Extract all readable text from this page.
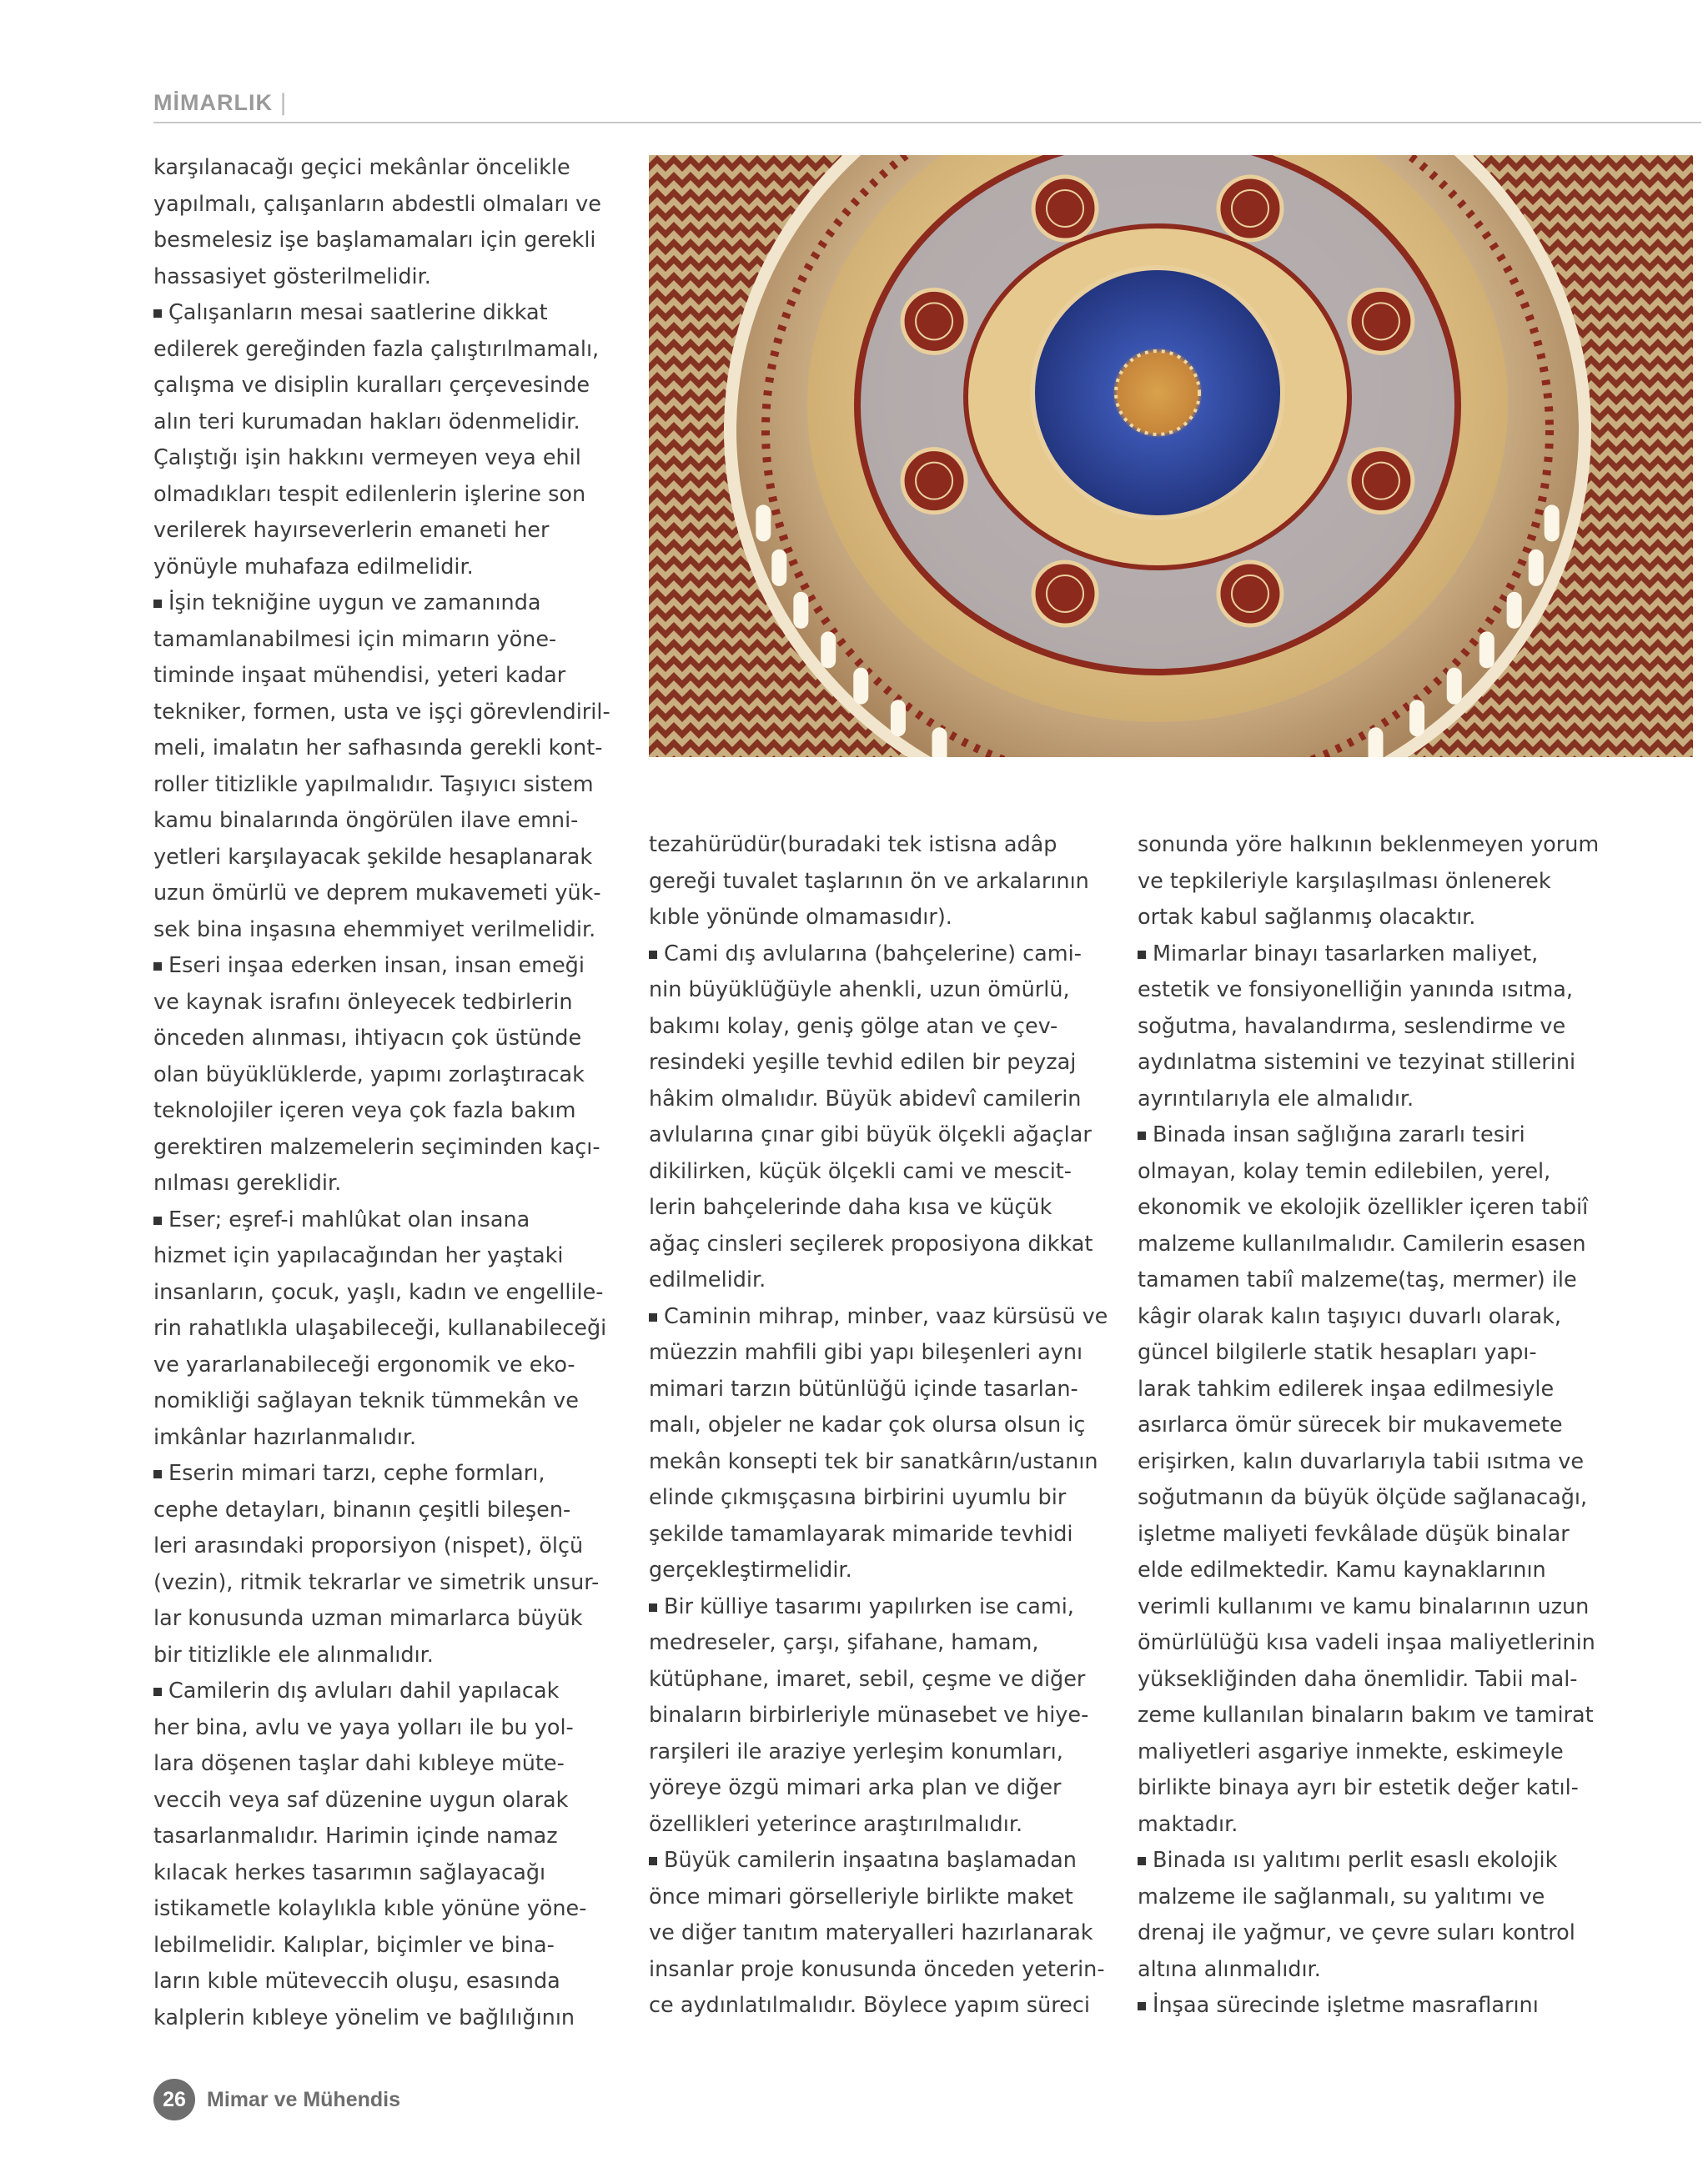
MİMARLIK |
karşılanacağı geçici mekânlar öncelikle
yapılmalı, çalışanların abdestli olmaları ve
besmelesiz işe başlamamaları için gerekli
hassasiyet gösterilmelidir.
Çalışanların mesai saatlerine dikkat
edilerek gereğinden fazla çalıştırılmamalı,
çalışma ve disiplin kuralları çerçevesinde
alın teri kurumadan hakları ödenmelidir.
Çalıştığı işin hakkını vermeyen veya ehil
olmadıkları tespit edilenlerin işlerine son
verilerek hayırseverlerin emaneti her
yönüyle muhafaza edilmelidir.
İşin tekniğine uygun ve zamanında
tamamlanabilmesi için mimarın yöne-
timinde inşaat mühendisi, yeteri kadar
tekniker, formen, usta ve işçi görevlendiril-
meli, imalatın her safhasında gerekli kont-
roller titizlikle yapılmalıdır. Taşıyıcı sistem
kamu binalarında öngörülen ilave emni-
yetleri karşılayacak şekilde hesaplanarak
uzun ömürlü ve deprem mukavemeti yük-
sek bina inşasına ehemmiyet verilmelidir.
Eseri inşaa ederken insan, insan emeği
ve kaynak israfını önleyecek tedbirlerin
önceden alınması, ihtiyacın çok üstünde
olan büyüklüklerde, yapımı zorlaştıracak
teknolojiler içeren veya çok fazla bakım
gerektiren malzemelerin seçiminden kaçı-
nılması gereklidir.
Eser; eşref-i mahlûkat olan insana
hizmet için yapılacağından her yaştaki
insanların, çocuk, yaşlı, kadın ve engellile-
rin rahatlıkla ulaşabileceği, kullanabileceği
ve yararlanabileceği ergonomik ve eko-
nomikliği sağlayan teknik tümmekân ve
imkânlar hazırlanmalıdır.
Eserin mimari tarzı, cephe formları,
cephe detayları, binanın çeşitli bileşen-
leri arasındaki proporsiyon (nispet), ölçü
(vezin), ritmik tekrarlar ve simetrik unsur-
lar konusunda uzman mimarlarca büyük
bir titizlikle ele alınmalıdır.
Camilerin dış avluları dahil yapılacak
her bina, avlu ve yaya yolları ile bu yol-
lara döşenen taşlar dahi kıbleye müte-
veccih veya saf düzenine uygun olarak
tasarlanmalıdır. Harimin içinde namaz
kılacak herkes tasarımın sağlayacağı
istikametle kolaylıkla kıble yönüne yöne-
lebilmelidir. Kalıplar, biçimler ve bina-
ların kıble müteveccih oluşu, esasında
kalplerin kıbleye yönelim ve bağlılığının
tezahürüdür(buradaki tek istisna adâp
gereği tuvalet taşlarının ön ve arkalarının
kıble yönünde olmamasıdır).
Cami dış avlularına (bahçelerine) cami-
nin büyüklüğüyle ahenkli, uzun ömürlü,
bakımı kolay, geniş gölge atan ve çev-
resindeki yeşille tevhid edilen bir peyzaj
hâkim olmalıdır. Büyük abidevî camilerin
avlularına çınar gibi büyük ölçekli ağaçlar
dikilirken, küçük ölçekli cami ve mescit-
lerin bahçelerinde daha kısa ve küçük
ağaç cinsleri seçilerek proposiyona dikkat
edilmelidir.
Caminin mihrap, minber, vaaz kürsüsü ve
müezzin mahfili gibi yapı bileşenleri aynı
mimari tarzın bütünlüğü içinde tasarlan-
malı, objeler ne kadar çok olursa olsun iç
mekân konsepti tek bir sanatkârın/ustanın
elinde çıkmışçasına birbirini uyumlu bir
şekilde tamamlayarak mimaride tevhidi
gerçekleştirmelidir.
Bir külliye tasarımı yapılırken ise cami,
medreseler, çarşı, şifahane, hamam,
kütüphane, imaret, sebil, çeşme ve diğer
binaların birbirleriyle münasebet ve hiye-
rarşileri ile araziye yerleşim konumları,
yöreye özgü mimari arka plan ve diğer
özellikleri yeterince araştırılmalıdır.
Büyük camilerin inşaatına başlamadan
önce mimari görselleriyle birlikte maket
ve diğer tanıtım materyalleri hazırlanarak
insanlar proje konusunda önceden yeterin-
ce aydınlatılmalıdır. Böylece yapım süreci
sonunda yöre halkının beklenmeyen yorum
ve tepkileriyle karşılaşılması önlenerek
ortak kabul sağlanmış olacaktır.
Mimarlar binayı tasarlarken maliyet,
estetik ve fonsiyonelliğin yanında ısıtma,
soğutma, havalandırma, seslendirme ve
aydınlatma sistemini ve tezyinat stillerini
ayrıntılarıyla ele almalıdır.
Binada insan sağlığına zararlı tesiri
olmayan, kolay temin edilebilen, yerel,
ekonomik ve ekolojik özellikler içeren tabiî
malzeme kullanılmalıdır. Camilerin esasen
tamamen tabiî malzeme(taş, mermer) ile
kâgir olarak kalın taşıyıcı duvarlı olarak,
güncel bilgilerle statik hesapları yapı-
larak tahkim edilerek inşaa edilmesiyle
asırlarca ömür sürecek bir mukavemete
erişirken, kalın duvarlarıyla tabii ısıtma ve
soğutmanın da büyük ölçüde sağlanacağı,
işletme maliyeti fevkâlade düşük binalar
elde edilmektedir. Kamu kaynaklarının
verimli kullanımı ve kamu binalarının uzun
ömürlülüğü kısa vadeli inşaa maliyetlerinin
yüksekliğinden daha önemlidir. Tabii mal-
zeme kullanılan binaların bakım ve tamirat
maliyetleri asgariye inmekte, eskimeyle
birlikte binaya ayrı bir estetik değer katıl-
maktadır.
Binada ısı yalıtımı perlit esaslı ekolojik
malzeme ile sağlanmalı, su yalıtımı ve
drenaj ile yağmur, ve çevre suları kontrol
altına alınmalıdır.
İnşaa sürecinde işletme masraflarını
26	Mimar ve Mühendis
